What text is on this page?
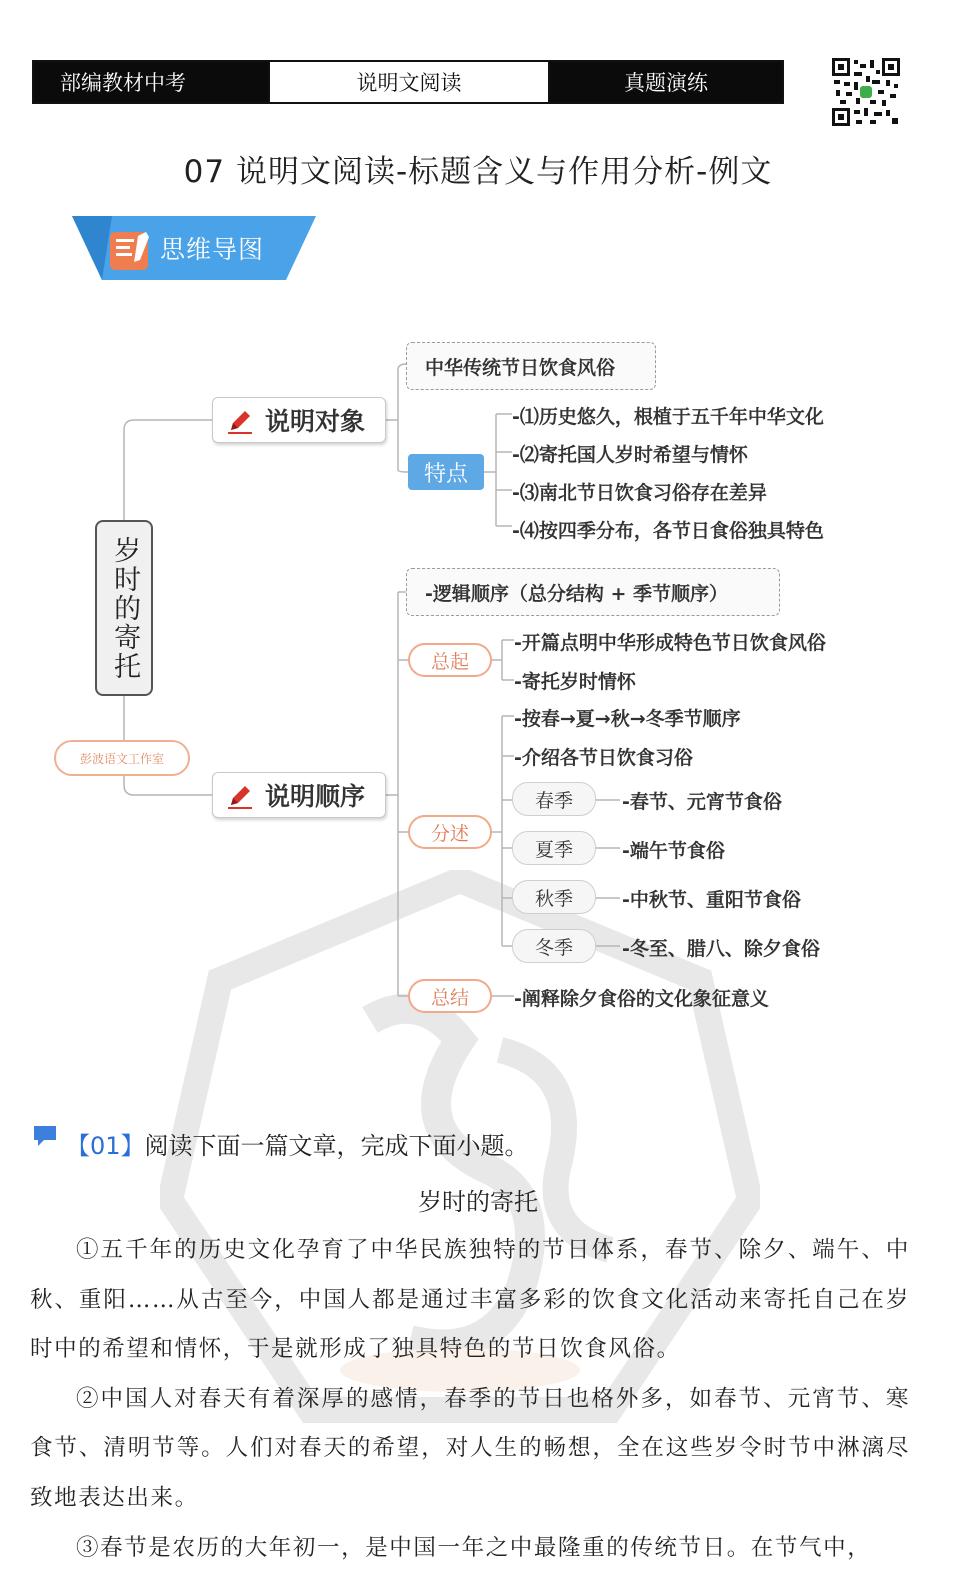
部编教材中考	说明文阅读	真题演练
07 说明文阅读-标题含义与作用分析-例文
思维导图
岁时的寄托
彭波语文工作室
说明对象
中华传统节日饮食风俗
特点
-⑴历史悠久，根植于五千年中华文化
-⑵寄托国人岁时希望与情怀
-⑶南北节日饮食习俗存在差异
-⑷按四季分布，各节日食俗独具特色
说明顺序
-逻辑顺序（总分结构 + 季节顺序）
总起
-开篇点明中华形成特色节日饮食风俗
-寄托岁时情怀
分述
-按春→夏→秋→冬季节顺序
-介绍各节日饮食习俗
春季	-春节、元宵节食俗
夏季	-端午节食俗
秋季	-中秋节、重阳节食俗
冬季	-冬至、腊八、除夕食俗
总结 -阐释除夕食俗的文化象征意义
【01】阅读下面一篇文章，完成下面小题。
岁时的寄托

①五千年的历史文化孕育了中华民族独特的节日体系，春节、除夕、端午、中秋、重阳……从古至今，中国人都是通过丰富多彩的饮食文化活动来寄托自己在岁时中的希望和情怀，于是就形成了独具特色的节日饮食风俗。

②中国人对春天有着深厚的感情，春季的节日也格外多，如春节、元宵节、寒食节、清明节等。人们对春天的希望，对人生的畅想，全在这些岁令时节中淋漓尽致地表达出来。

③春节是农历的大年初一，是中国一年之中最隆重的传统节日。在节气中，
